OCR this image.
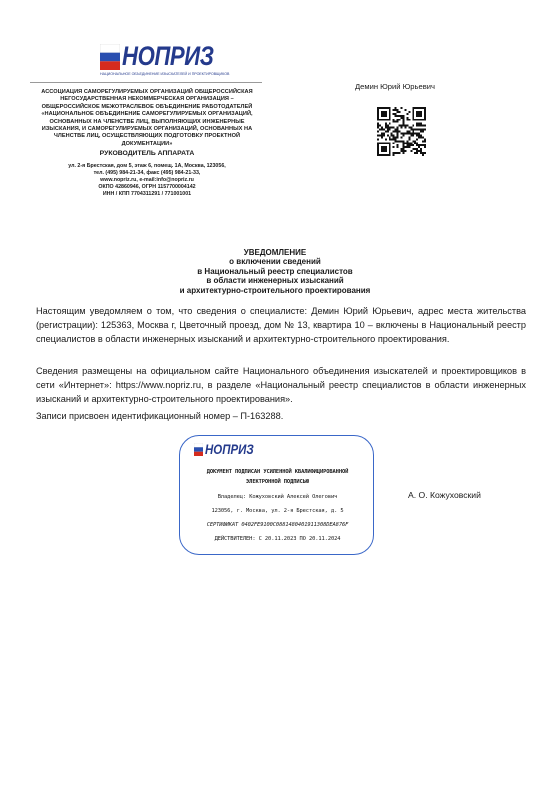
НОПРИЗ
НАЦИОНАЛЬНОЕ ОБЪЕДИНЕНИЕ ИЗЫСКАТЕЛЕЙ И ПРОЕКТИРОВЩИКОВ
АССОЦИАЦИЯ САМОРЕГУЛИРУЕМЫХ ОРГАНИЗАЦИЙ ОБЩЕРОССИЙСКАЯ
НЕГОСУДАРСТВЕННАЯ НЕКОММЕРЧЕСКАЯ ОРГАНИЗАЦИЯ –
ОБЩЕРОССИЙСКОЕ МЕЖОТРАСЛЕВОЕ ОБЪЕДИНЕНИЕ РАБОТОДАТЕЛЕЙ
«НАЦИОНАЛЬНОЕ ОБЪЕДИНЕНИЕ САМОРЕГУЛИРУЕМЫХ ОРГАНИЗАЦИЙ,
ОСНОВАННЫХ НА ЧЛЕНСТВЕ ЛИЦ, ВЫПОЛНЯЮЩИХ ИНЖЕНЕРНЫЕ
ИЗЫСКАНИЯ, И САМОРЕГУЛИРУЕМЫХ ОРГАНИЗАЦИЙ, ОСНОВАННЫХ НА
ЧЛЕНСТВЕ ЛИЦ, ОСУЩЕСТВЛЯЮЩИХ ПОДГОТОВКУ ПРОЕКТНОЙ
ДОКУМЕНТАЦИИ»
РУКОВОДИТЕЛЬ АППАРАТА
ул. 2-я Брестская, дом 5, этаж 6, помещ. 1А, Москва, 123056,
тел. (495) 984-21-34, факс (495) 984-21-33,
www.nopriz.ru, e-mail:info@nopriz.ru
ОКПО 42860946, ОГРН 1157700004142
ИНН / КПП 7704311291 / 771001001
Демин Юрий Юрьевич
УВЕДОМЛЕНИЕ
о включении сведений
в Национальный реестр специалистов
в области инженерных изысканий
и архитектурно-строительного проектирования
Настоящим уведомляем о том, что сведения о специалисте: Демин Юрий Юрьевич, адрес места жительства (регистрации): 125363, Москва г, Цветочный проезд, дом № 13, квартира 10 – включены в Национальный реестр специалистов в области инженерных изысканий и архитектурно-строительного проектирования.
Сведения размещены на официальном сайте Национального объединения изыскателей и проектировщиков в сети «Интернет»: https://www.nopriz.ru, в разделе «Национальный реестр специалистов в области инженерных изысканий и архитектурно-строительного проектирования».
Записи присвоен идентификационный номер – П-163288.
НОПРИЗ
ДОКУМЕНТ ПОДПИСАН УСИЛЕННОЙ КВАЛИФИЦИРОВАННОЙ
ЭЛЕКТРОННОЙ ПОДПИСЬЮ
Владелец: Кожуховский Алексей Олегович
123056, г. Москва, ул. 2-я Брестская, д. 5
СЕРТИФИКАТ 0402FE9100C0881480401911308DEA876F
ДЕЙСТВИТЕЛЕН: С 20.11.2023 ПО 20.11.2024
А. О. Кожуховский
